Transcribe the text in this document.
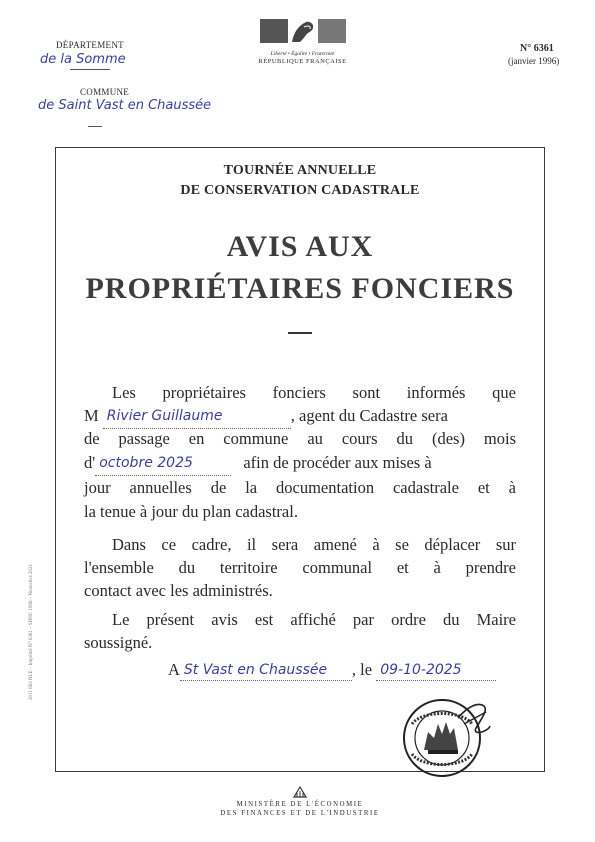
DÉPARTEMENT
de la Somme
COMMUNE
de Saint Vast en Chaussée
Liberté • Égalité • Fraternité
RÉPUBLIQUE FRANÇAISE
N° 6361
(janvier 1996)
TOURNÉE ANNUELLE
DE CONSERVATION CADASTRALE
AVIS AUX
PROPRIÉTAIRES FONCIERS
Les propriétaires fonciers sont informés que
M Rivier Guillaume	, agent du Cadastre sera
de passage en commune au cours du (des) mois
d' octobre 2025	afin de procéder aux mises à
jour annuelles de la documentation cadastrale et à
la tenue à jour du plan cadastral.
Dans ce cadre, il sera amené à se déplacer sur
l'ensemble du territoire communal et à prendre
contact avec les administrés.
Le présent avis est affiché par ordre du Maire
soussigné.
A St Vast en Chaussée , le 09-10-2025
MINISTÈRE DE L'ÉCONOMIE
DES FINANCES ET DE L'INDUSTRIE
2011 663 NLE – Imprimé N° 6361 – SDNC 1996 – Nouvelles 2021
